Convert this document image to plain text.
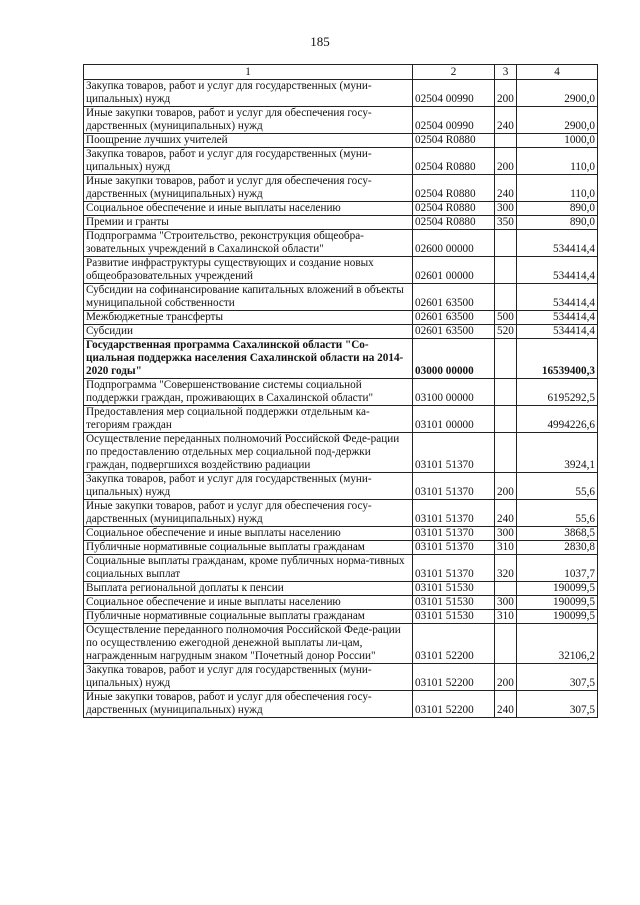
185
1	2	3	4
Закупка товаров, работ и услуг для государственных (муни-ципальных) нужд	02504 00990	200	2900,0
Иные закупки товаров, работ и услуг для обеспечения госу-дарственных (муниципальных) нужд	02504 00990	240	2900,0
Поощрение лучших учителей	02504 R0880		1000,0
Закупка товаров, работ и услуг для государственных (муни-ципальных) нужд	02504 R0880	200	110,0
Иные закупки товаров, работ и услуг для обеспечения госу-дарственных (муниципальных) нужд	02504 R0880	240	110,0
Социальное обеспечение и иные выплаты населению	02504 R0880	300	890,0
Премии и гранты	02504 R0880	350	890,0
Подпрограмма "Строительство, реконструкция общеобра-зовательных учреждений в Сахалинской области"	02600 00000		534414,4
Развитие инфраструктуры существующих и создание новых общеобразовательных учреждений	02601 00000		534414,4
Субсидии на софинансирование капитальных вложений в объекты муниципальной собственности	02601 63500		534414,4
Межбюджетные трансферты	02601 63500	500	534414,4
Субсидии	02601 63500	520	534414,4
Государственная программа Сахалинской области "Со-циальная поддержка населения Сахалинской области на 2014-2020 годы"	03000 00000		16539400,3
Подпрограмма "Совершенствование системы социальной поддержки граждан, проживающих в Сахалинской области"	03100 00000		6195292,5
Предоставления мер социальной поддержки отдельным ка-тегориям граждан	03101 00000		4994226,6
Осуществление переданных полномочий Российской Феде-рации по предоставлению отдельных мер социальной под-держки граждан, подвергшихся воздействию радиации	03101 51370		3924,1
Закупка товаров, работ и услуг для государственных (муни-ципальных) нужд	03101 51370	200	55,6
Иные закупки товаров, работ и услуг для обеспечения госу-дарственных (муниципальных) нужд	03101 51370	240	55,6
Социальное обеспечение и иные выплаты населению	03101 51370	300	3868,5
Публичные нормативные социальные выплаты гражданам	03101 51370	310	2830,8
Социальные выплаты гражданам, кроме публичных норма-тивных социальных выплат	03101 51370	320	1037,7
Выплата региональной доплаты к пенсии	03101 51530		190099,5
Социальное обеспечение и иные выплаты населению	03101 51530	300	190099,5
Публичные нормативные социальные выплаты гражданам	03101 51530	310	190099,5
Осуществление переданного полномочия Российской Феде-рации по осуществлению ежегодной денежной выплаты ли-цам, награжденным нагрудным знаком "Почетный донор России"	03101 52200		32106,2
Закупка товаров, работ и услуг для государственных (муни-ципальных) нужд	03101 52200	200	307,5
Иные закупки товаров, работ и услуг для обеспечения госу-дарственных (муниципальных) нужд	03101 52200	240	307,5
